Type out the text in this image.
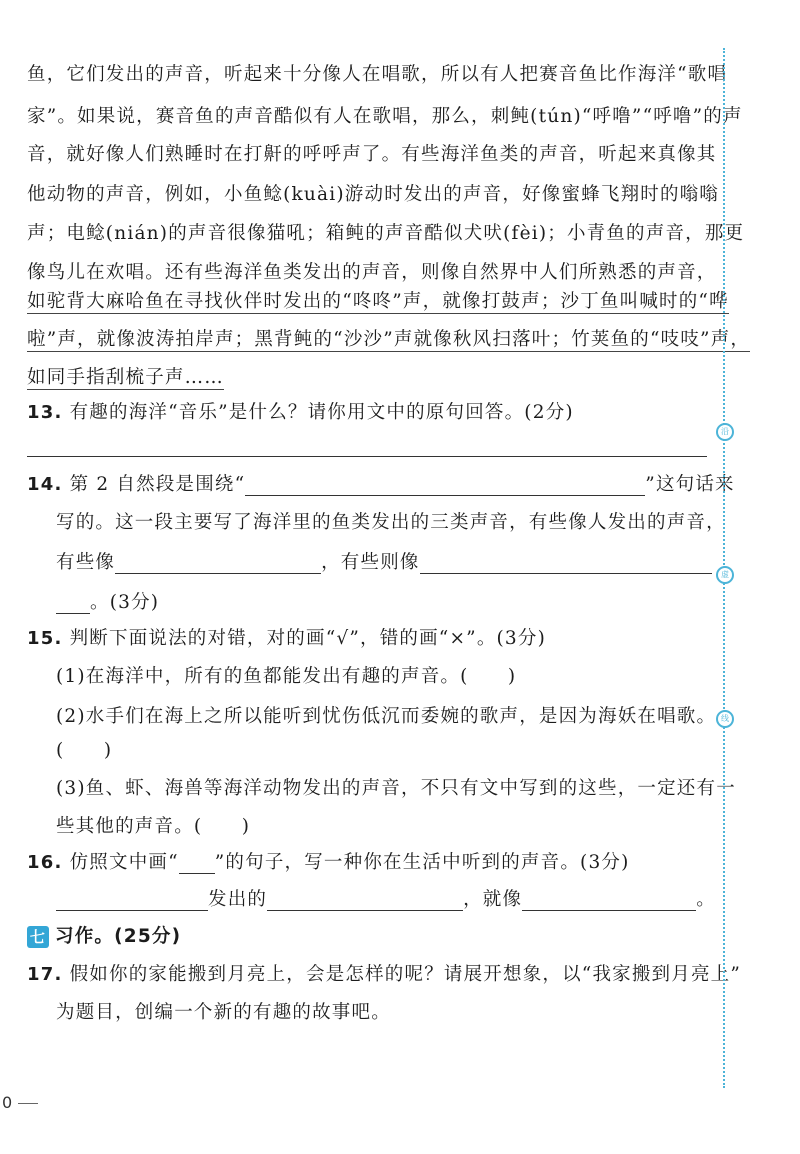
鱼，它们发出的声音，听起来十分像人在唱歌，所以有人把赛音鱼比作海洋“歌唱
家”。如果说，赛音鱼的声音酷似有人在歌唱，那么，刺鲀(tún)“呼噜”“呼噜”的声
音，就好像人们熟睡时在打鼾的呼呼声了。有些海洋鱼类的声音，听起来真像其
他动物的声音，例如，小鱼鲶(kuài)游动时发出的声音，好像蜜蜂飞翔时的嗡嗡
声；电鲶(nián)的声音很像猫吼；箱鲀的声音酷似犬吠(fèi)；小青鱼的声音，那更
像鸟儿在欢唱。还有些海洋鱼类发出的声音，则像自然界中人们所熟悉的声音，
如驼背大麻哈鱼在寻找伙伴时发出的“咚咚”声，就像打鼓声；沙丁鱼叫喊时的“哗
啦”声，就像波涛拍岸声；黑背鲀的“沙沙”声就像秋风扫落叶；竹荚鱼的“吱吱”声，
如同手指刮梳子声……
13. 有趣的海洋“音乐”是什么？请你用文中的原句回答。(2分)
14. 第 2 自然段是围绕“	”这句话来
写的。这一段主要写了海洋里的鱼类发出的三类声音，有些像人发出的声音，
有些像	，有些则像
。(3分)
15. 判断下面说法的对错，对的画“√”，错的画“×”。(3分)
(1)在海洋中，所有的鱼都能发出有趣的声音。(　　)
(2)水手们在海上之所以能听到忧伤低沉而委婉的歌声，是因为海妖在唱歌。
(　　)
(3)鱼、虾、海兽等海洋动物发出的声音，不只有文中写到的这些，一定还有一
些其他的声音。(　　)
16. 仿照文中画“ ”的句子，写一种你在生活中听到的声音。(3分)
发出的	，就像	。
七 习作。(25分)
17. 假如你的家能搬到月亮上，会是怎样的呢？请展开想象，以“我家搬到月亮上”
为题目，创编一个新的有趣的故事吧。
沿
虚
线
0
